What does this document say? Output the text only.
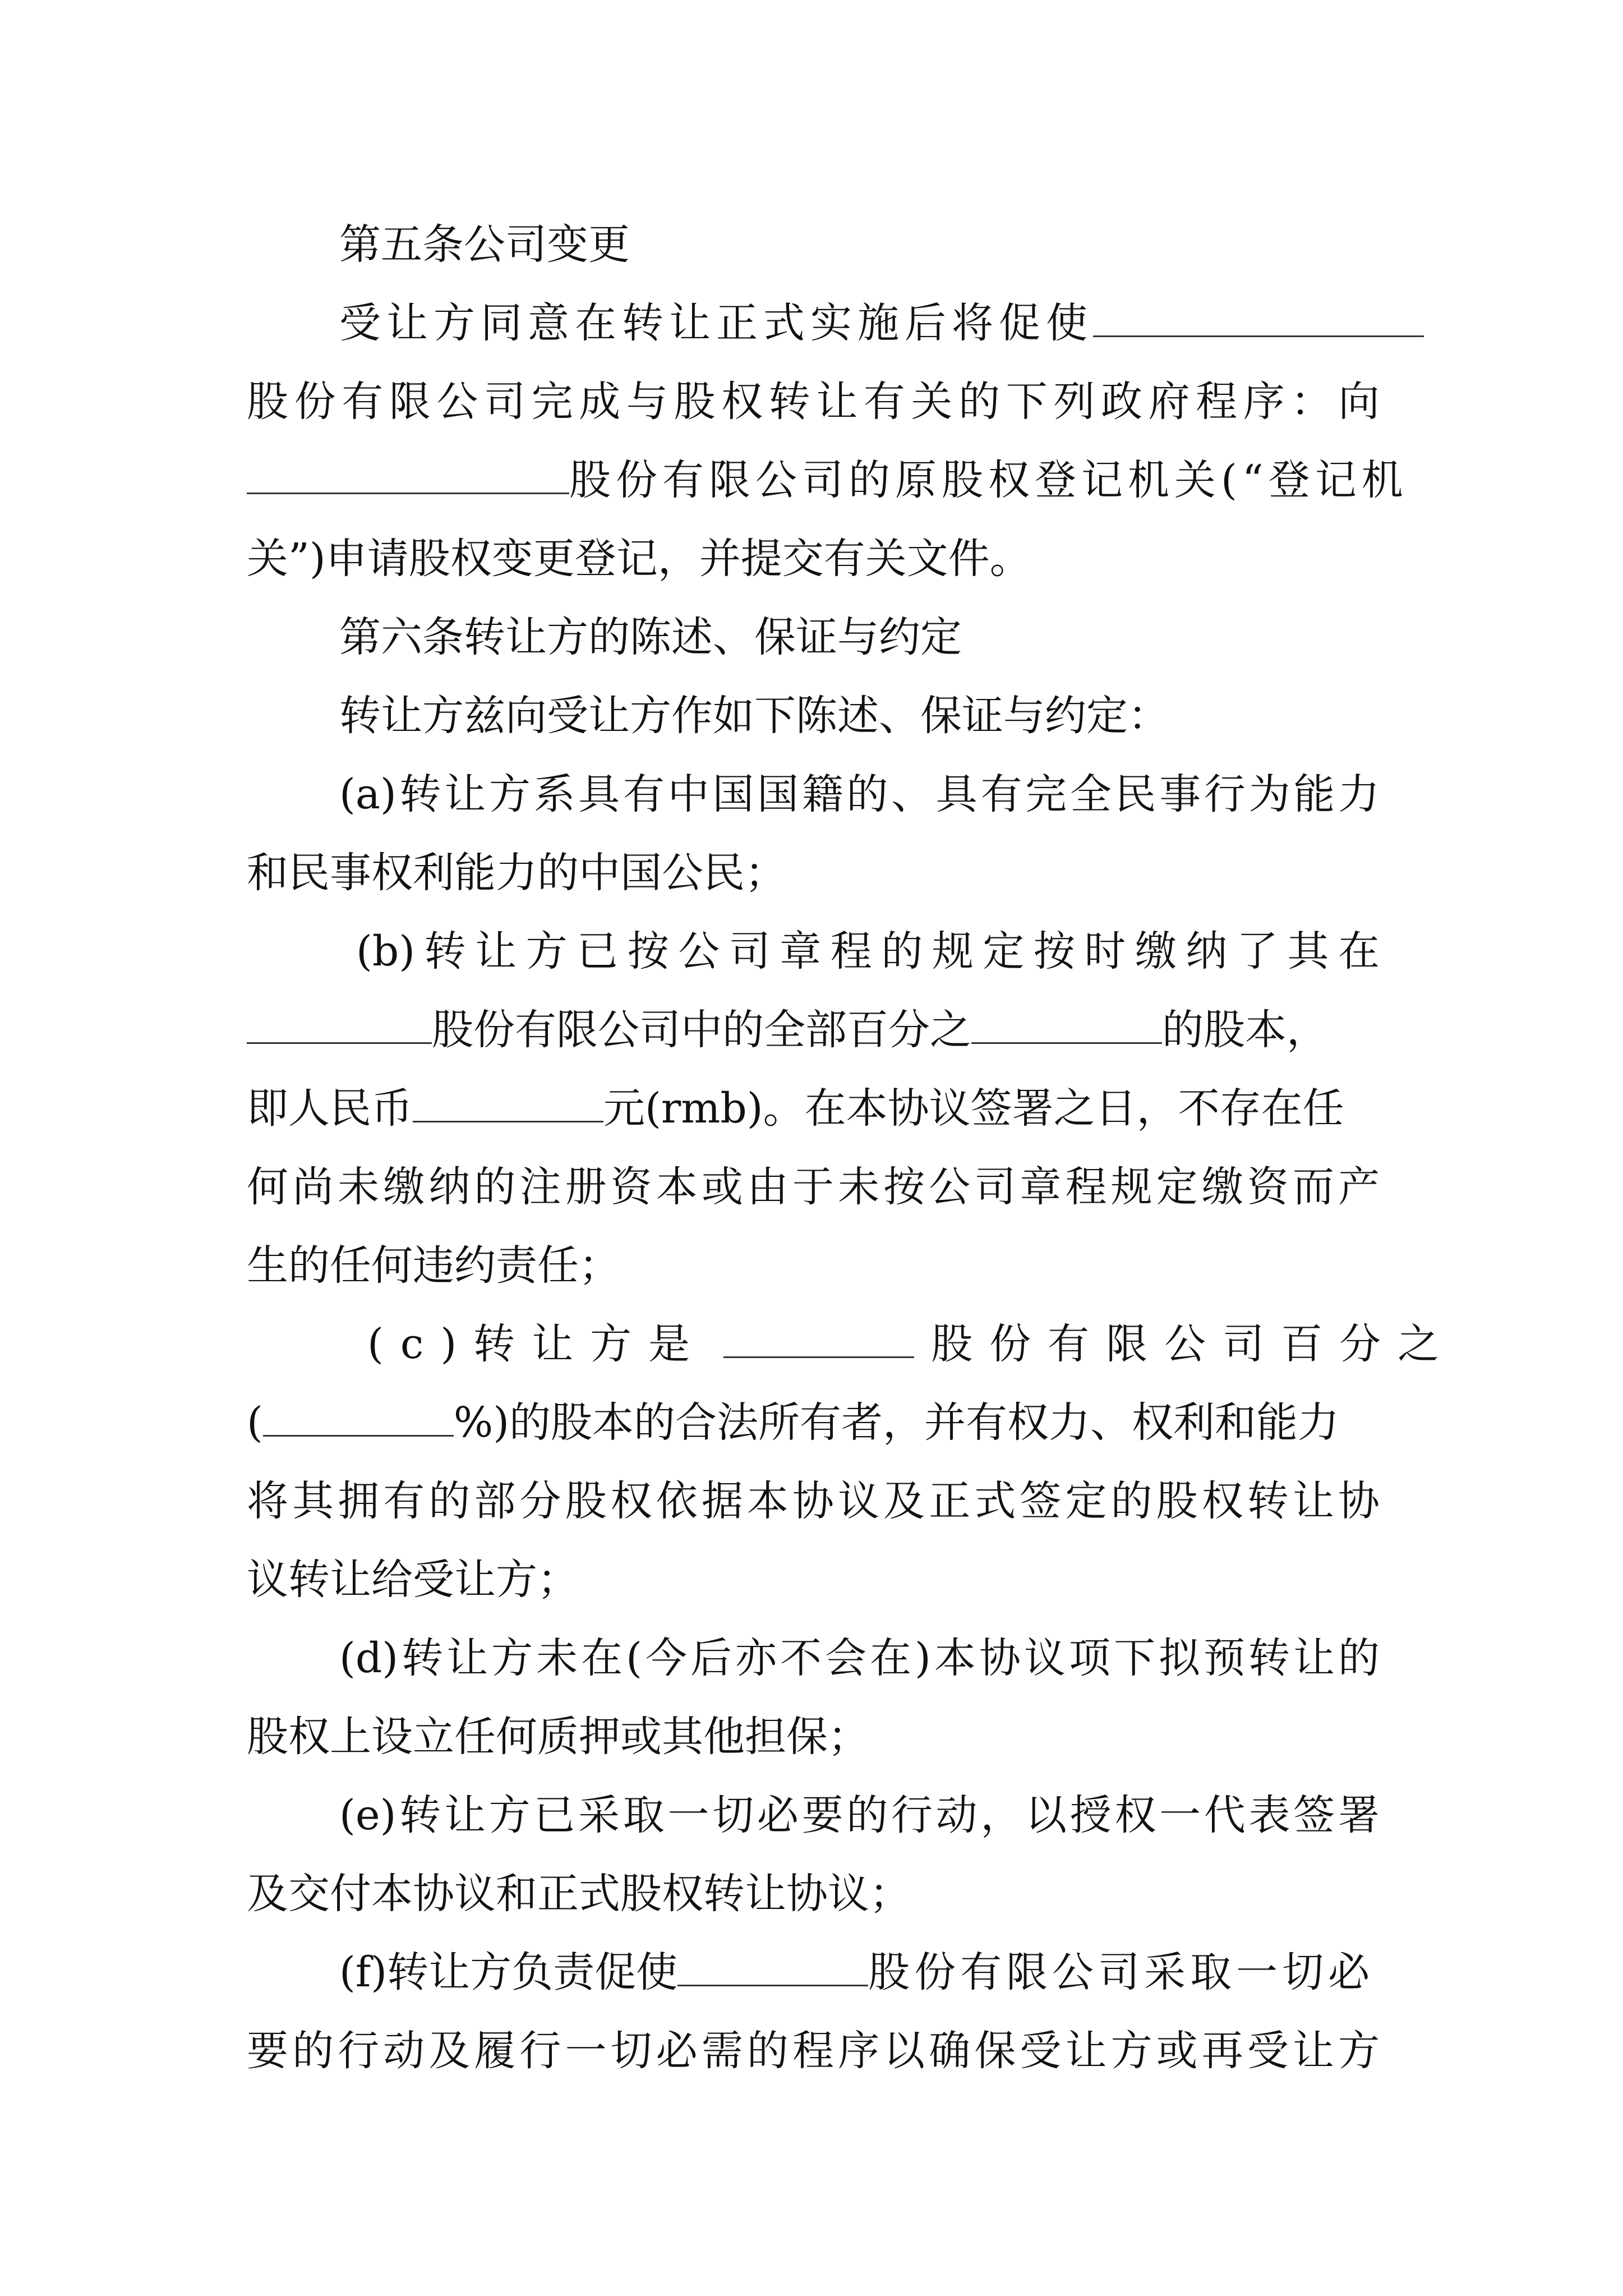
第五条公司变更
受让方同意在转让正式实施后将促使
股份有限公司完成与股权转让有关的下列政府程序：向
股份有限公司的原股权登记机关(“登记机
关”)申请股权变更登记，并提交有关文件。
第六条转让方的陈述、保证与约定
转让方兹向受让方作如下陈述、保证与约定：
(a)转让方系具有中国国籍的、具有完全民事行为能力
和民事权利能力的中国公民；
(b)转让方已按公司章程的规定按时缴纳了其在
股份有限公司中的全部百分之	的股本，
即人民币	元(rmb)。在本协议签署之日，不存在任
何尚未缴纳的注册资本或由于未按公司章程规定缴资而产
生的任何违约责任；
(c)转让方是	股份有限公司百分之
(	%)的股本的合法所有者，并有权力、权利和能力
将其拥有的部分股权依据本协议及正式签定的股权转让协
议转让给受让方；
(d)转让方未在(今后亦不会在)本协议项下拟预转让的
股权上设立任何质押或其他担保；
(e)转让方已采取一切必要的行动，以授权一代表签署
及交付本协议和正式股权转让协议；
(f)转让方负责促使	股份有限公司采取一切必
要的行动及履行一切必需的程序以确保受让方或再受让方
